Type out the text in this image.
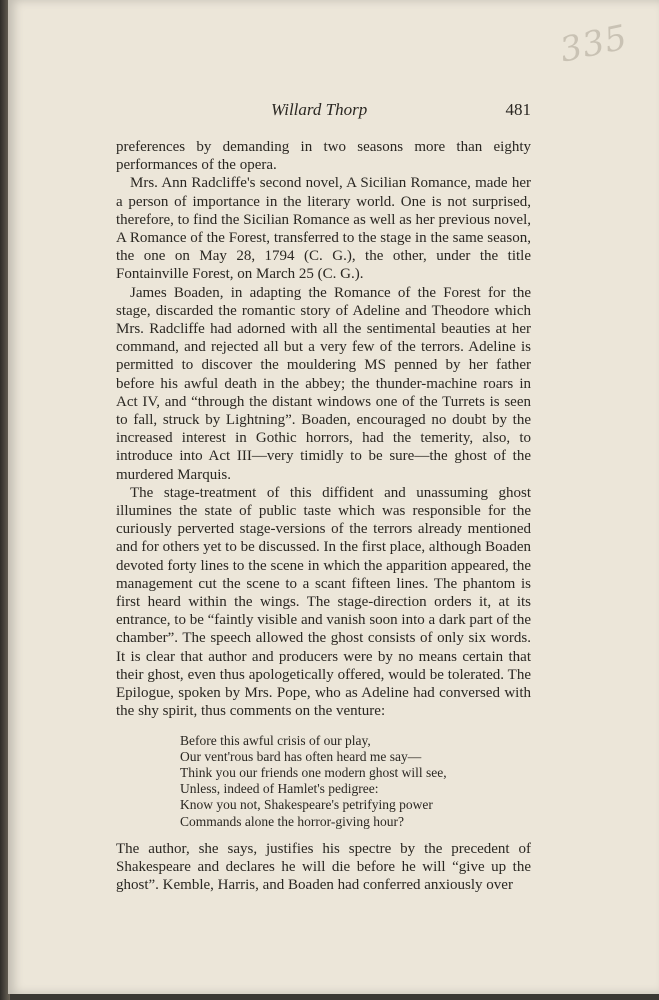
335
Willard Thorp	481

preferences by demanding in two seasons more than eighty performances of the opera.

Mrs. Ann Radcliffe's second novel, A Sicilian Romance, made her a person of importance in the literary world. One is not surprised, therefore, to find the Sicilian Romance as well as her previous novel, A Romance of the Forest, transferred to the stage in the same season, the one on May 28, 1794 (C. G.), the other, under the title Fontainville Forest, on March 25 (C. G.).

James Boaden, in adapting the Romance of the Forest for the stage, discarded the romantic story of Adeline and Theodore which Mrs. Radcliffe had adorned with all the sentimental beauties at her command, and rejected all but a very few of the terrors. Adeline is permitted to discover the mouldering MS penned by her father before his awful death in the abbey; the thunder-machine roars in Act IV, and “through the distant windows one of the Turrets is seen to fall, struck by Lightning”. Boaden, encouraged no doubt by the increased interest in Gothic horrors, had the temerity, also, to introduce into Act III—very timidly to be sure—the ghost of the murdered Marquis.

The stage-treatment of this diffident and unassuming ghost illumines the state of public taste which was responsible for the curiously perverted stage-versions of the terrors already mentioned and for others yet to be discussed. In the first place, although Boaden devoted forty lines to the scene in which the apparition appeared, the management cut the scene to a scant fifteen lines. The phantom is first heard within the wings. The stage-direction orders it, at its entrance, to be “faintly visible and vanish soon into a dark part of the chamber”. The speech allowed the ghost consists of only six words. It is clear that author and producers were by no means certain that their ghost, even thus apologetically offered, would be tolerated. The Epilogue, spoken by Mrs. Pope, who as Adeline had conversed with the shy spirit, thus comments on the venture:

Before this awful crisis of our play,
Our vent'rous bard has often heard me say—
Think you our friends one modern ghost will see,
Unless, indeed of Hamlet's pedigree:
Know you not, Shakespeare's petrifying power
Commands alone the horror-giving hour?

The author, she says, justifies his spectre by the precedent of Shakespeare and declares he will die before he will “give up the ghost”. Kemble, Harris, and Boaden had conferred anxiously over
